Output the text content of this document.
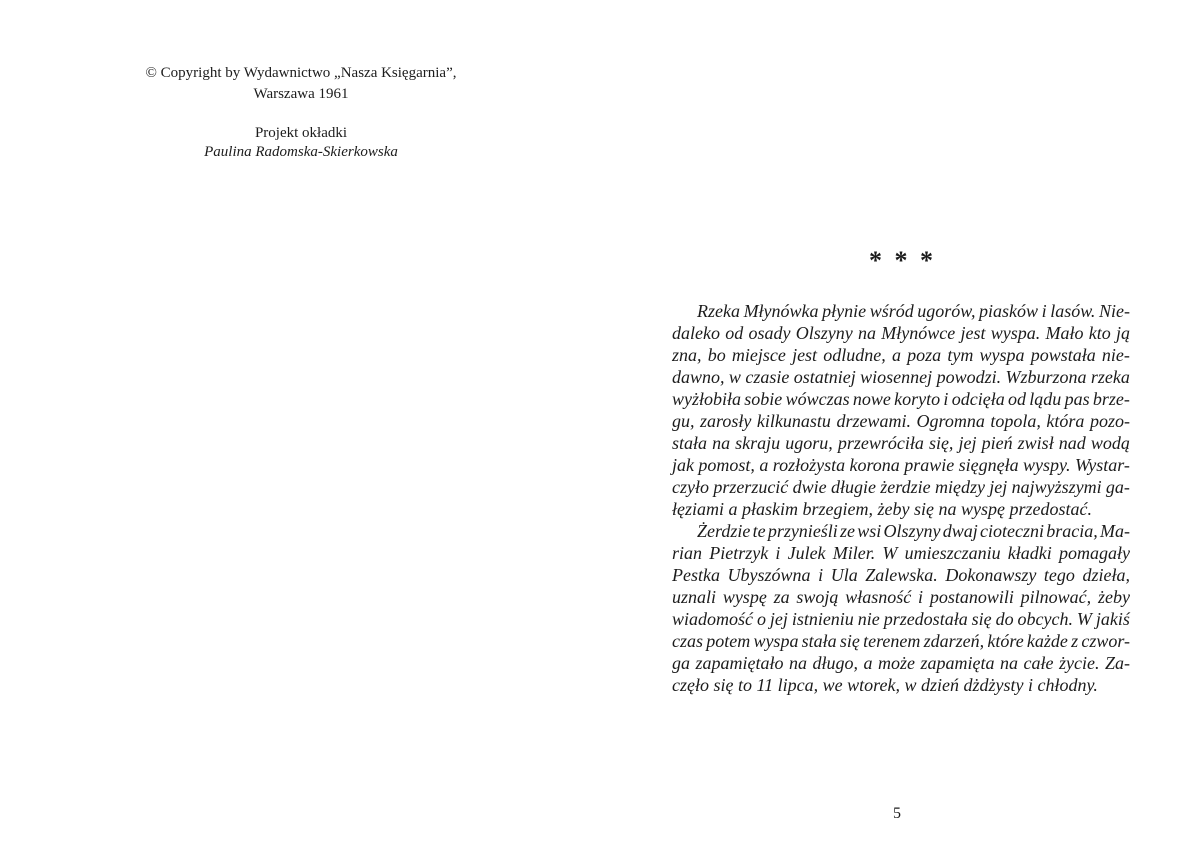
© Copyright by Wydawnictwo „Nasza Księgarnia”,
Warszawa 1961
Projekt okładki
Paulina Radomska-Skierkowska
* * *
Rzeka Młynówka płynie wśród ugorów, piasków i lasów. Nie-
daleko od osady Olszyny na Młynówce jest wyspa. Mało kto ją
zna, bo miejsce jest odludne, a poza tym wyspa powstała nie-
dawno, w czasie ostatniej wiosennej powodzi. Wzburzona rzeka
wyżłobiła sobie wówczas nowe koryto i odcięła od lądu pas brze-
gu, zarosły kilkunastu drzewami. Ogromna topola, która pozo-
stała na skraju ugoru, przewróciła się, jej pień zwisł nad wodą
jak pomost, a rozłożysta korona prawie sięgnęła wyspy. Wystar-
czyło przerzucić dwie długie żerdzie między jej najwyższymi ga-
łęziami a płaskim brzegiem, żeby się na wyspę przedostać.
Żerdzie te przynieśli ze wsi Olszyny dwaj cioteczni bracia, Ma-
rian Pietrzyk i Julek Miler. W umieszczaniu kładki pomagały
Pestka Ubyszówna i Ula Zalewska. Dokonawszy tego dzieła,
uznali wyspę za swoją własność i postanowili pilnować, żeby
wiadomość o jej istnieniu nie przedostała się do obcych. W jakiś
czas potem wyspa stała się terenem zdarzeń, które każde z czwor-
ga zapamiętało na długo, a może zapamięta na całe życie. Za-
częło się to 11 lipca, we wtorek, w dzień dżdżysty i chłodny.
5
